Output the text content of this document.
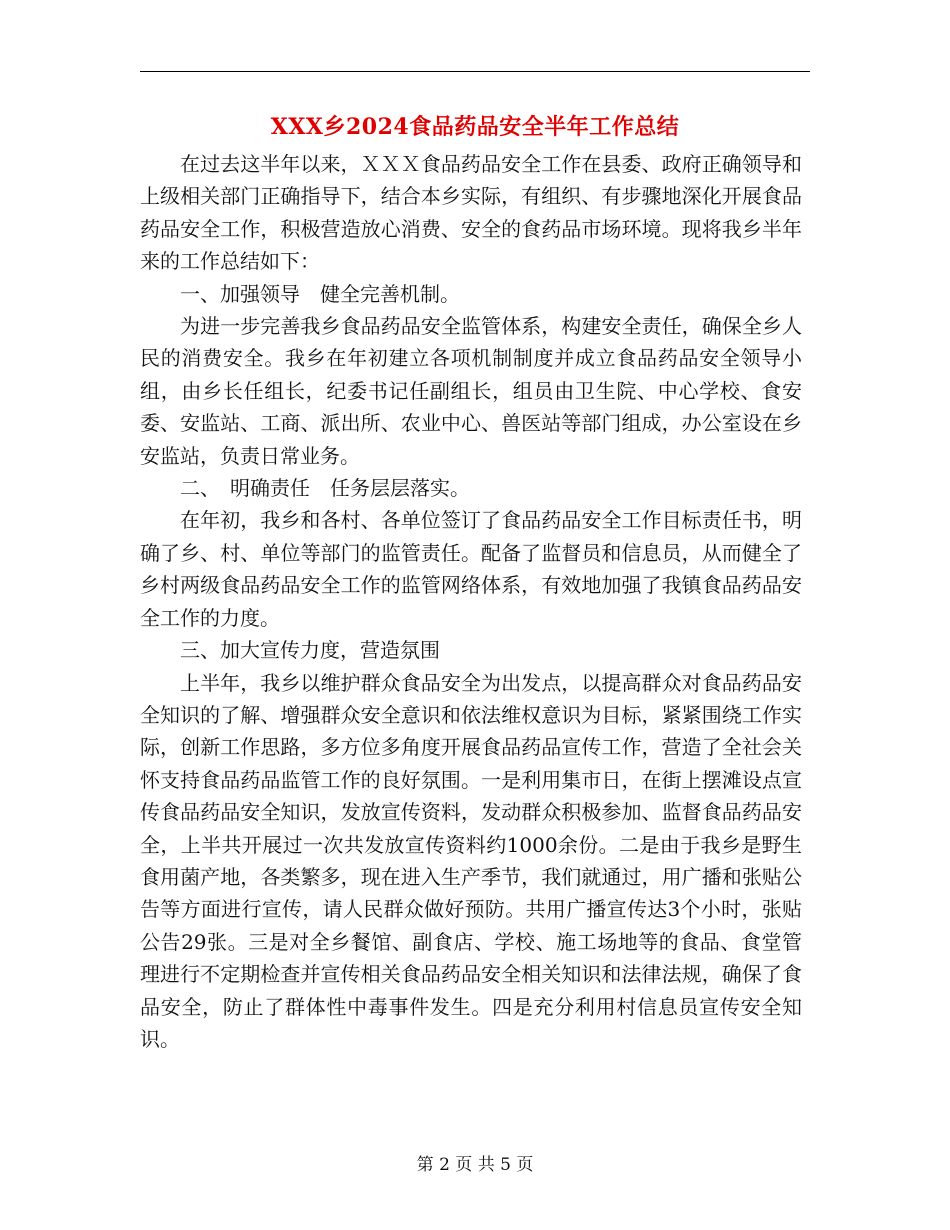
XXX乡2024食品药品安全半年工作总结

在过去这半年以来，ＸＸＸ食品药品安全工作在县委、政府正确领导和上级相关部门正确指导下，结合本乡实际，有组织、有步骤地深化开展食品药品安全工作，积极营造放心消费、安全的食药品市场环境。现将我乡半年来的工作总结如下：

一、加强领导　健全完善机制。

为进一步完善我乡食品药品安全监管体系，构建安全责任，确保全乡人民的消费安全。我乡在年初建立各项机制制度并成立食品药品安全领导小组，由乡长任组长，纪委书记任副组长，组员由卫生院、中心学校、食安委、安监站、工商、派出所、农业中心、兽医站等部门组成，办公室设在乡安监站，负责日常业务。

二、　明确责任　任务层层落实。

在年初，我乡和各村、各单位签订了食品药品安全工作目标责任书，明确了乡、村、单位等部门的监管责任。配备了监督员和信息员，从而健全了乡村两级食品药品安全工作的监管网络体系，有效地加强了我镇食品药品安全工作的力度。

三、加大宣传力度，营造氛围

上半年，我乡以维护群众食品安全为出发点，以提高群众对食品药品安全知识的了解、增强群众安全意识和依法维权意识为目标，紧紧围绕工作实际，创新工作思路，多方位多角度开展食品药品宣传工作，营造了全社会关怀支持食品药品监管工作的良好氛围。一是利用集市日，在街上摆滩设点宣传食品药品安全知识，发放宣传资料，发动群众积极参加、监督食品药品安全，上半共开展过一次共发放宣传资料约1000余份。二是由于我乡是野生食用菌产地，各类繁多，现在进入生产季节，我们就通过，用广播和张贴公告等方面进行宣传，请人民群众做好预防。共用广播宣传达3个小时，张贴公告29张。三是对全乡餐馆、副食店、学校、施工场地等的食品、食堂管理进行不定期检查并宣传相关食品药品安全相关知识和法律法规，确保了食品安全，防止了群体性中毒事件发生。四是充分利用村信息员宣传安全知识。

第 2 页 共 5 页
